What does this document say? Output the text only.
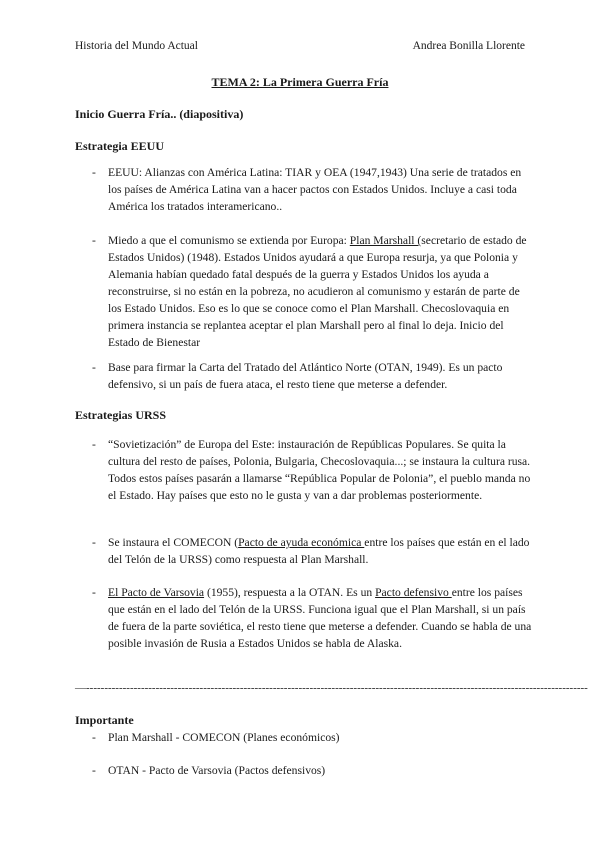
Historia del Mundo Actual	Andrea Bonilla Llorente
TEMA 2: La Primera Guerra Fría
Inicio Guerra Fría.. (diapositiva)
Estrategia EEUU
- EEUU: Alianzas con América Latina: TIAR y OEA (1947,1943) Una serie de tratados en los países de América Latina van a hacer pactos con Estados Unidos. Incluye a casi toda América los tratados interamericano..
- Miedo a que el comunismo se extienda por Europa: Plan Marshall (secretario de estado de Estados Unidos) (1948). Estados Unidos ayudará a que Europa resurja, ya que Polonia y Alemania habían quedado fatal después de la guerra y Estados Unidos los ayuda a reconstruirse, si no están en la pobreza, no acudieron al comunismo y estarán de parte de los Estado Unidos. Eso es lo que se conoce como el Plan Marshall. Checoslovaquia en primera instancia se replantea aceptar el plan Marshall pero al final lo deja. Inicio del Estado de Bienestar
- Base para firmar la Carta del Tratado del Atlántico Norte (OTAN, 1949). Es un pacto defensivo, si un país de fuera ataca, el resto tiene que meterse a defender.
Estrategias URSS
- “Sovietización” de Europa del Este: instauración de Repúblicas Populares. Se quita la cultura del resto de países, Polonia, Bulgaria, Checoslovaquia...; se instaura la cultura rusa. Todos estos países pasarán a llamarse “República Popular de Polonia”, el pueblo manda no el Estado. Hay países que esto no le gusta y van a dar problemas posteriormente.
- Se instaura el COMECON (Pacto de ayuda económica entre los países que están en el lado del Telón de la URSS) como respuesta al Plan Marshall.
- El Pacto de Varsovia (1955), respuesta a la OTAN. Es un Pacto defensivo entre los países que están en el lado del Telón de la URSS. Funciona igual que el Plan Marshall, si un país de fuera de la parte soviética, el resto tiene que meterse a defender. Cuando se habla de una posible invasión de Rusia a Estados Unidos se habla de Alaska.
—-----------------------------------------------------------------------------------------------------------------------------------------
Importante
- Plan Marshall - COMECON (Planes económicos)
- OTAN - Pacto de Varsovia (Pactos defensivos)
